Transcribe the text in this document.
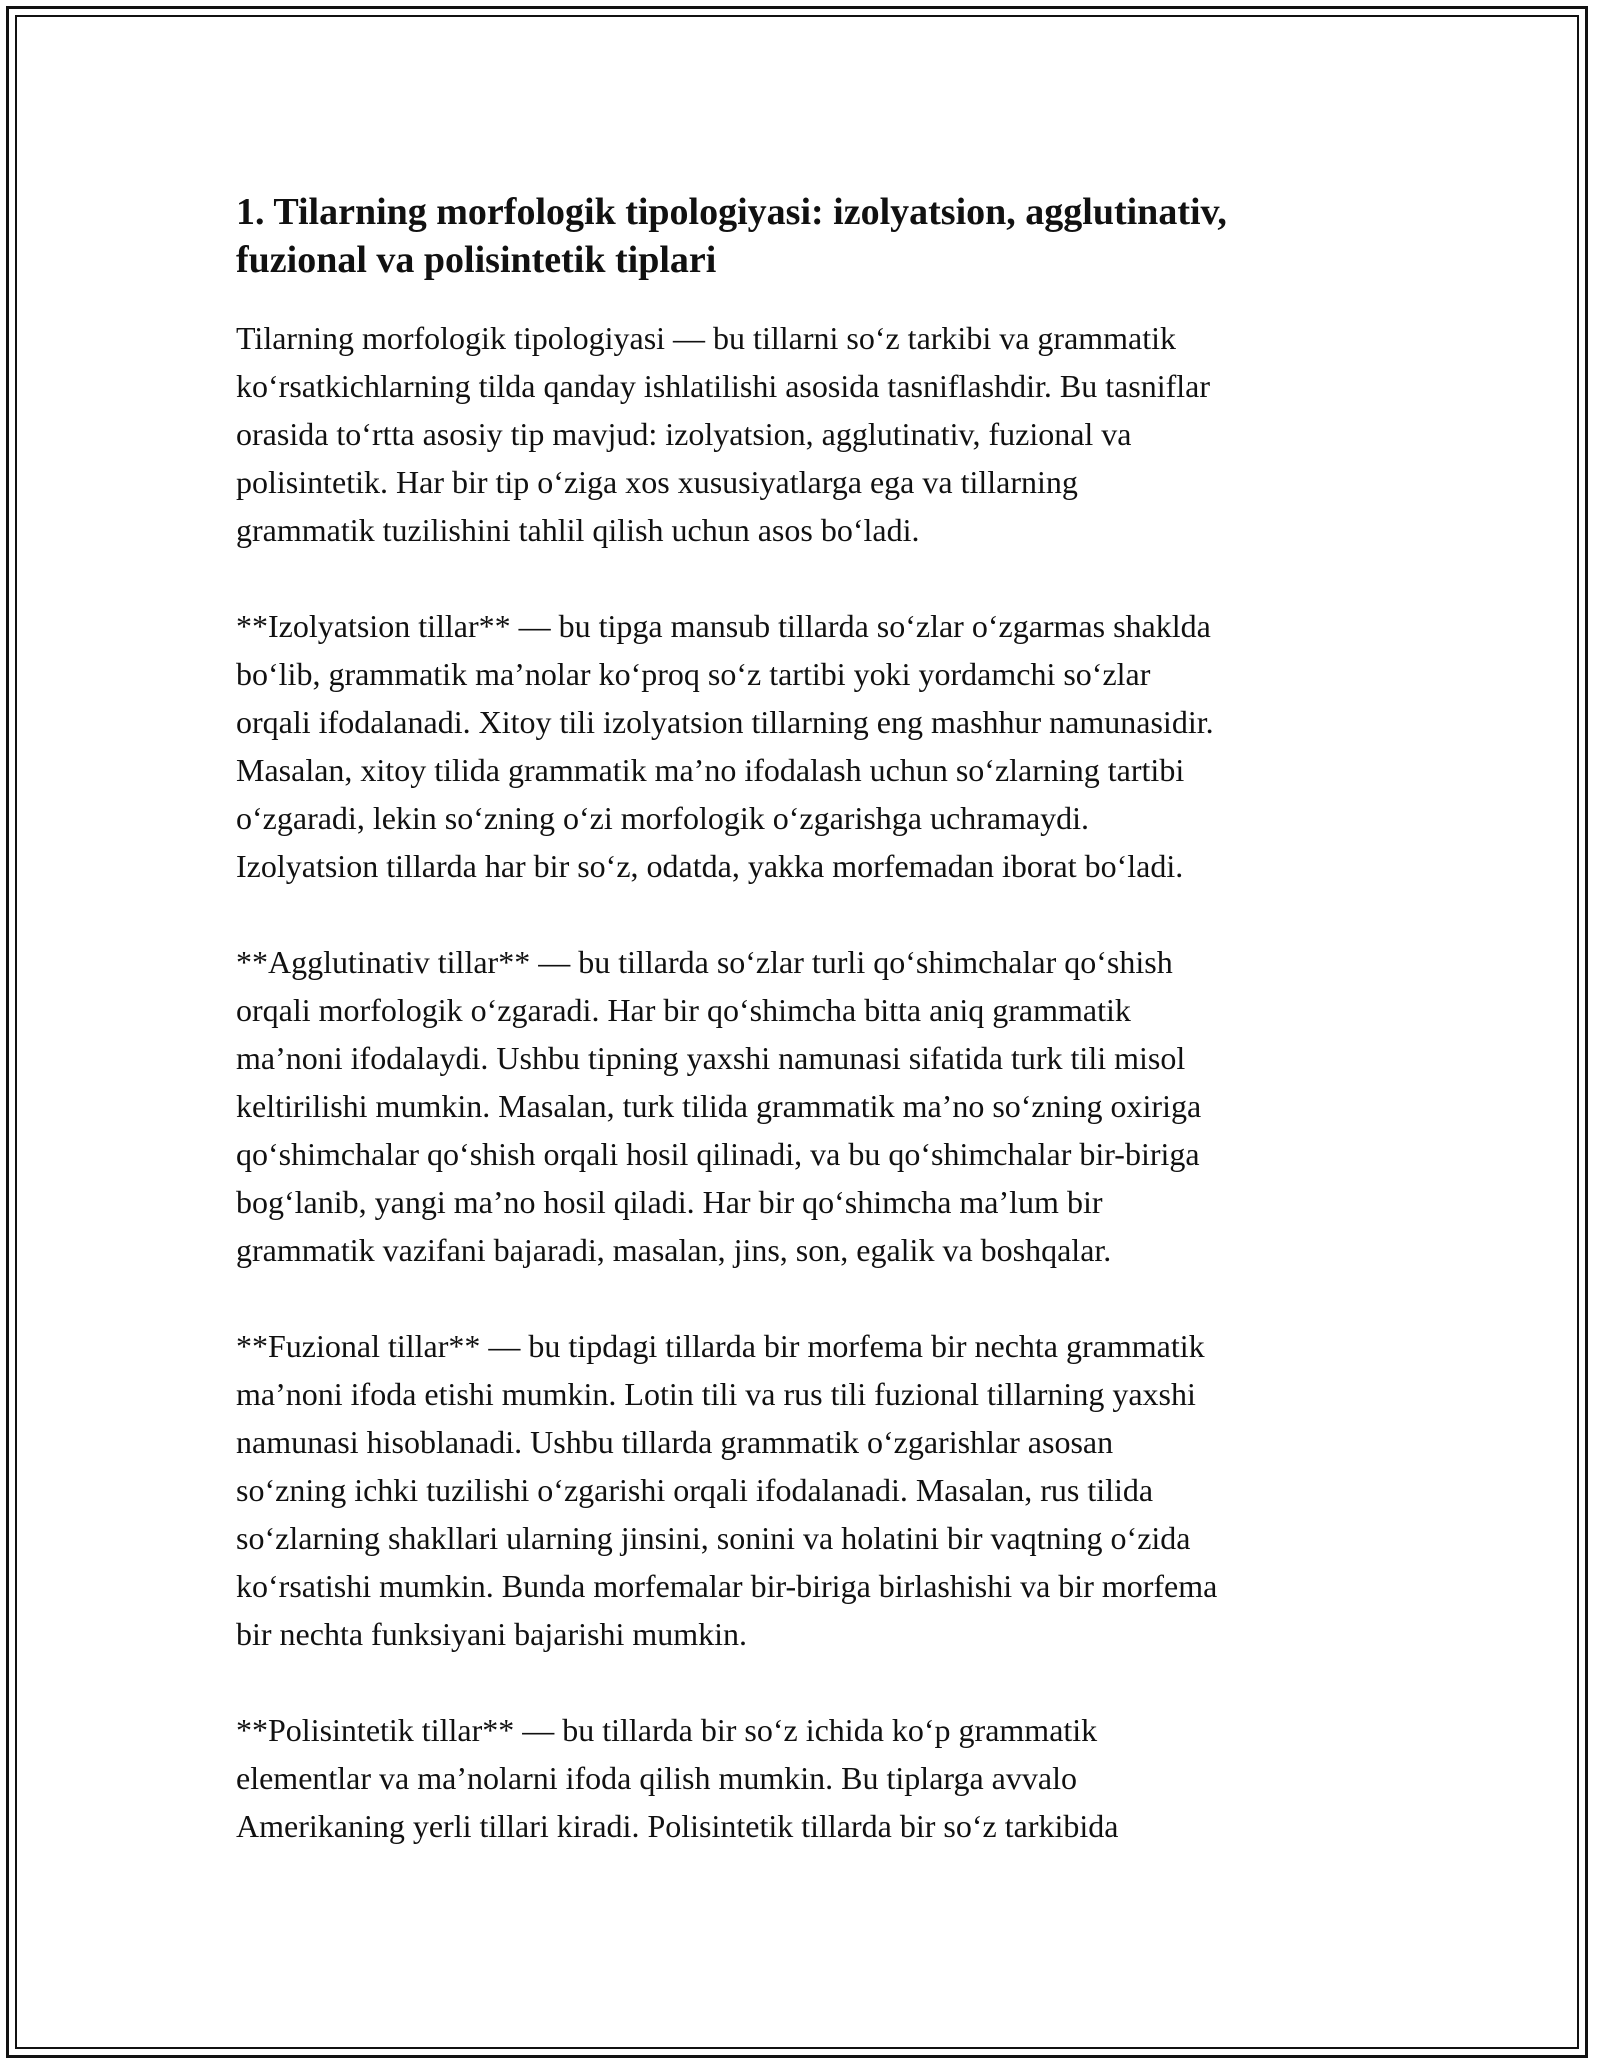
1. Tilarning morfologik tipologiyasi: izolyatsion, agglutinativ,
fuzional va polisintetik tiplari

Tilarning morfologik tipologiyasi — bu tillarni so‘z tarkibi va grammatik
ko‘rsatkichlarning tilda qanday ishlatilishi asosida tasniflashdir. Bu tasniflar
orasida to‘rtta asosiy tip mavjud: izolyatsion, agglutinativ, fuzional va
polisintetik. Har bir tip o‘ziga xos xususiyatlarga ega va tillarning
grammatik tuzilishini tahlil qilish uchun asos bo‘ladi.

**Izolyatsion tillar** — bu tipga mansub tillarda so‘zlar o‘zgarmas shaklda
bo‘lib, grammatik ma’nolar ko‘proq so‘z tartibi yoki yordamchi so‘zlar
orqali ifodalanadi. Xitoy tili izolyatsion tillarning eng mashhur namunasidir.
Masalan, xitoy tilida grammatik ma’no ifodalash uchun so‘zlarning tartibi
o‘zgaradi, lekin so‘zning o‘zi morfologik o‘zgarishga uchramaydi.
Izolyatsion tillarda har bir so‘z, odatda, yakka morfemadan iborat bo‘ladi.

**Agglutinativ tillar** — bu tillarda so‘zlar turli qo‘shimchalar qo‘shish
orqali morfologik o‘zgaradi. Har bir qo‘shimcha bitta aniq grammatik
ma’noni ifodalaydi. Ushbu tipning yaxshi namunasi sifatida turk tili misol
keltirilishi mumkin. Masalan, turk tilida grammatik ma’no so‘zning oxiriga
qo‘shimchalar qo‘shish orqali hosil qilinadi, va bu qo‘shimchalar bir-biriga
bog‘lanib, yangi ma’no hosil qiladi. Har bir qo‘shimcha ma’lum bir
grammatik vazifani bajaradi, masalan, jins, son, egalik va boshqalar.

**Fuzional tillar** — bu tipdagi tillarda bir morfema bir nechta grammatik
ma’noni ifoda etishi mumkin. Lotin tili va rus tili fuzional tillarning yaxshi
namunasi hisoblanadi. Ushbu tillarda grammatik o‘zgarishlar asosan
so‘zning ichki tuzilishi o‘zgarishi orqali ifodalanadi. Masalan, rus tilida
so‘zlarning shakllari ularning jinsini, sonini va holatini bir vaqtning o‘zida
ko‘rsatishi mumkin. Bunda morfemalar bir-biriga birlashishi va bir morfema
bir nechta funksiyani bajarishi mumkin.

**Polisintetik tillar** — bu tillarda bir so‘z ichida ko‘p grammatik
elementlar va ma’nolarni ifoda qilish mumkin. Bu tiplarga avvalo
Amerikaning yerli tillari kiradi. Polisintetik tillarda bir so‘z tarkibida
